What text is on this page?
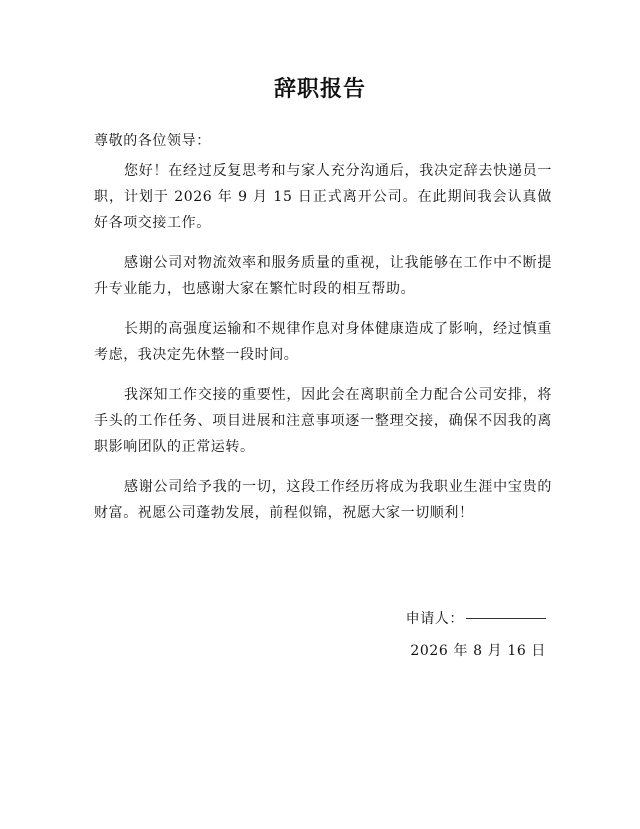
辞职报告
尊敬的各位领导：

您好！在经过反复思考和与家人充分沟通后，我决定辞去快递员一职，计划于 2026 年 9 月 15 日正式离开公司。在此期间我会认真做好各项交接工作。

感谢公司对物流效率和服务质量的重视，让我能够在工作中不断提升专业能力，也感谢大家在繁忙时段的相互帮助。

长期的高强度运输和不规律作息对身体健康造成了影响，经过慎重考虑，我决定先休整一段时间。

我深知工作交接的重要性，因此会在离职前全力配合公司安排，将手头的工作任务、项目进展和注意事项逐一整理交接，确保不因我的离职影响团队的正常运转。

感谢公司给予我的一切，这段工作经历将成为我职业生涯中宝贵的财富。祝愿公司蓬勃发展，前程似锦，祝愿大家一切顺利！

申请人：
2026 年 8 月 16 日
